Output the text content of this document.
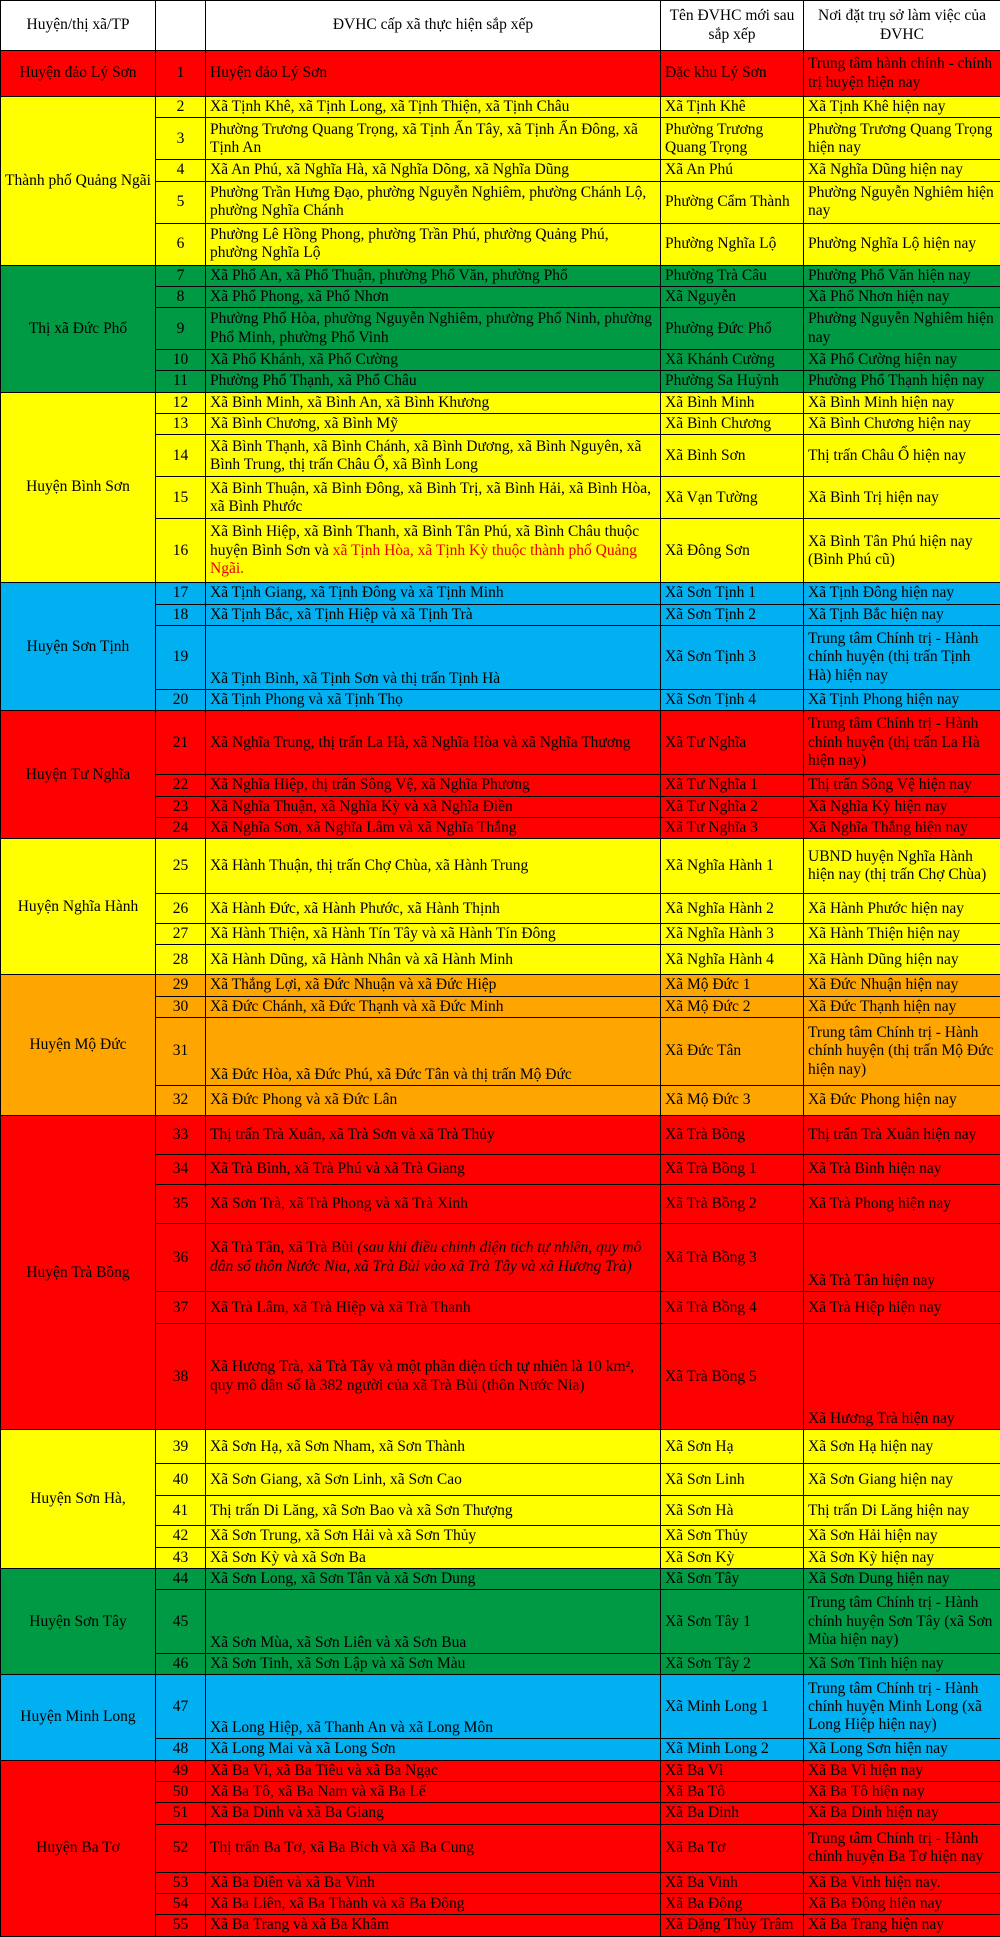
Huyện/thị xã/TP		ĐVHC cấp xã thực hiện sắp xếp	Tên ĐVHC mới sau sắp xếp	Nơi đặt trụ sở làm việc của ĐVHC
Huyện đảo Lý Sơn	1	Huyện đảo Lý Sơn	Đặc khu Lý Sơn	Trung tâm hành chính - chính trị huyện hiện nay
Thành phố Quảng Ngãi	2	Xã Tịnh Khê, xã Tịnh Long, xã Tịnh Thiện, xã Tịnh Châu	Xã Tịnh Khê	Xã Tịnh Khê hiện nay
	3	Phường Trương Quang Trọng, xã Tịnh Ấn Tây, xã Tịnh Ấn Đông, xã Tịnh An	Phường Trương Quang Trọng	Phường Trương Quang Trọng hiện nay
	4	Xã An Phú, xã Nghĩa Hà, xã Nghĩa Dõng, xã Nghĩa Dũng	Xã An Phú	Xã Nghĩa Dũng hiện nay
	5	Phường Trần Hưng Đạo, phường Nguyễn Nghiêm, phường Chánh Lộ, phường Nghĩa Chánh	Phường Cẩm Thành	Phường Nguyễn Nghiêm hiện nay
	6	Phường Lê Hồng Phong, phường Trần Phú, phường Quảng Phú, phường Nghĩa Lộ	Phường Nghĩa Lộ	Phường Nghĩa Lộ hiện nay
Thị xã Đức Phổ	7	Xã Phổ An, xã Phổ Thuận, phường Phổ Văn, phường Phổ	Phường Trà Câu	Phường Phổ Văn hiện nay
	8	Xã Phổ Phong, xã Phổ Nhơn	Xã Nguyễn	Xã Phổ Nhơn hiện nay
	9	Phường Phổ Hòa, phường Nguyễn Nghiêm, phường Phổ Ninh, phường Phổ Minh, phường Phổ Vinh	Phường Đức Phổ	Phường Nguyễn Nghiêm hiện nay
	10	Xã Phổ Khánh, xã Phổ Cường	Xã Khánh Cường	Xã Phổ Cường hiện nay
	11	Phường Phổ Thạnh, xã Phổ Châu	Phường Sa Huỳnh	Phường Phổ Thạnh hiện nay
Huyện Bình Sơn	12	Xã Bình Minh, xã Bình An, xã Bình Khương	Xã Bình Minh	Xã Bình Minh hiện nay
	13	Xã Bình Chương, xã Bình Mỹ	Xã Bình Chương	Xã Bình Chương hiện nay
	14	Xã Bình Thạnh, xã Bình Chánh, xã Bình Dương, xã Bình Nguyên, xã Bình Trung, thị trấn Châu Ổ, xã Bình Long	Xã Bình Sơn	Thị trấn Châu Ổ hiện nay
	15	Xã Bình Thuận, xã Bình Đông, xã Bình Trị, xã Bình Hải, xã Bình Hòa, xã Bình Phước	Xã Vạn Tường	Xã Bình Trị hiện nay
	16	Xã Bình Hiệp, xã Bình Thanh, xã Bình Tân Phú, xã Bình Châu thuộc huyện Bình Sơn và xã Tịnh Hòa, xã Tịnh Kỳ thuộc thành phố Quảng Ngãi.	Xã Đông Sơn	Xã Bình Tân Phú hiện nay (Bình Phú cũ)
Huyện Sơn Tịnh	17	Xã Tịnh Giang, xã Tịnh Đông và xã Tịnh Minh	Xã Sơn Tịnh 1	Xã Tịnh Đông hiện nay
	18	Xã Tịnh Bắc, xã Tịnh Hiệp và xã Tịnh Trà	Xã Sơn Tịnh 2	Xã Tịnh Bắc hiện nay
	19	Xã Tịnh Bình, xã Tịnh Sơn và thị trấn Tịnh Hà	Xã Sơn Tịnh 3	Trung tâm Chính trị - Hành chính huyện (thị trấn Tịnh Hà) hiện nay
	20	Xã Tịnh Phong và xã Tịnh Thọ	Xã Sơn Tịnh 4	Xã Tịnh Phong hiện nay
Huyện Tư Nghĩa	21	Xã Nghĩa Trung, thị trấn La Hà, xã Nghĩa Hòa và xã Nghĩa Thương	Xã Tư Nghĩa	Trung tâm Chính trị - Hành chính huyện (thị trấn La Hà hiện nay)
	22	Xã Nghĩa Hiệp, thị trấn Sông Vệ, xã Nghĩa Phương	Xã Tư Nghĩa 1	Thị trấn Sông Vệ hiện nay
	23	Xã Nghĩa Thuận, xã Nghĩa Kỳ và xã Nghĩa Điền	Xã Tư Nghĩa 2	Xã Nghĩa Kỳ hiện nay
	24	Xã Nghĩa Sơn, xã Nghĩa Lâm và xã Nghĩa Thắng	Xã Tư Nghĩa 3	Xã Nghĩa Thắng hiện nay
Huyện Nghĩa Hành	25	Xã Hành Thuận, thị trấn Chợ Chùa, xã Hành Trung	Xã Nghĩa Hành 1	UBND huyện Nghĩa Hành hiện nay (thị trấn Chợ Chùa)
	26	Xã Hành Đức, xã Hành Phước, xã Hành Thịnh	Xã Nghĩa Hành 2	Xã Hành Phước hiện nay
	27	Xã Hành Thiện, xã Hành Tín Tây và xã Hành Tín Đông	Xã Nghĩa Hành 3	Xã Hành Thiện hiện nay
	28	Xã Hành Dũng, xã Hành Nhân và xã Hành Minh	Xã Nghĩa Hành 4	Xã Hành Dũng hiện nay
Huyện Mộ Đức	29	Xã Thắng Lợi, xã Đức Nhuận và xã Đức Hiệp	Xã Mộ Đức 1	Xã Đức Nhuận hiện nay
	30	Xã Đức Chánh, xã Đức Thạnh và xã Đức Minh	Xã Mộ Đức 2	Xã Đức Thạnh hiện nay
	31	Xã Đức Hòa, xã Đức Phú, xã Đức Tân và thị trấn Mộ Đức	Xã Đức Tân	Trung tâm Chính trị - Hành chính huyện (thị trấn Mộ Đức hiện nay)
	32	Xã Đức Phong và xã Đức Lân	Xã Mộ Đức 3	Xã Đức Phong hiện nay
Huyện Trà Bồng	33	Thị trấn Trà Xuân, xã Trà Sơn và xã Trà Thủy	Xã Trà Bồng	Thị trấn Trà Xuân hiện nay
	34	Xã Trà Bình, xã Trà Phú và xã Trà Giang	Xã Trà Bồng 1	Xã Trà Bình hiện nay
	35	Xã Sơn Trà, xã Trà Phong và xã Trà Xinh	Xã Trà Bồng 2	Xã Trà Phong hiện nay
	36	Xã Trà Tân, xã Trà Bùi (sau khi điều chỉnh diện tích tự nhiên, quy mô dân số thôn Nước Nia, xã Trà Bùi vào xã Trà Tây và xã Hương Trà)	Xã Trà Bồng 3	Xã Trà Tân hiện nay
	37	Xã Trà Lâm, xã Trà Hiệp và xã Trà Thanh	Xã Trà Bồng 4	Xã Trà Hiệp hiện nay
	38	Xã Hương Trà, xã Trà Tây và một phần diện tích tự nhiên là 10 km², quy mô dân số là 382 người của xã Trà Bùi (thôn Nước Nia)	Xã Trà Bồng 5	Xã Hương Trà hiện nay
Huyện Sơn Hà,	39	Xã Sơn Hạ, xã Sơn Nham, xã Sơn Thành	Xã Sơn Hạ	Xã Sơn Hạ hiện nay
	40	Xã Sơn Giang, xã Sơn Linh, xã Sơn Cao	Xã Sơn Linh	Xã Sơn Giang hiện nay
	41	Thị trấn Di Lăng, xã Sơn Bao và xã Sơn Thượng	Xã Sơn Hà	Thị trấn Di Lăng hiện nay
	42	Xã Sơn Trung, xã Sơn Hải và xã Sơn Thủy	Xã Sơn Thủy	Xã Sơn Hải hiện nay
	43	Xã Sơn Kỳ và xã Sơn Ba	Xã Sơn Kỳ	Xã Sơn Kỳ hiện nay
Huyện Sơn Tây	44	Xã Sơn Long, xã Sơn Tân và xã Sơn Dung	Xã Sơn Tây	Xã Sơn Dung hiện nay
	45	Xã Sơn Mùa, xã Sơn Liên và xã Sơn Bua	Xã Sơn Tây 1	Trung tâm Chính trị - Hành chính huyện Sơn Tây (xã Sơn Mùa hiện nay)
	46	Xã Sơn Tinh, xã Sơn Lập và xã Sơn Màu	Xã Sơn Tây 2	Xã Sơn Tinh hiện nay
Huyện Minh Long	47	Xã Long Hiệp, xã Thanh An và xã Long Môn	Xã Minh Long 1	Trung tâm Chính trị - Hành chính huyện Minh Long (xã Long Hiệp hiện nay)
	48	Xã Long Mai và xã Long Sơn	Xã Minh Long 2	Xã Long Sơn hiện nay
Huyện Ba Tơ	49	Xã Ba Vì, xã Ba Tiêu và xã Ba Ngạc	Xã Ba Vì	Xã Ba Vì hiện nay
	50	Xã Ba Tô, xã Ba Nam và xã Ba Lế	Xã Ba Tô	Xã Ba Tô hiện nay
	51	Xã Ba Dinh và xã Ba Giang	Xã Ba Dinh	Xã Ba Dinh hiện nay
	52	Thị trấn Ba Tơ, xã Ba Bích và xã Ba Cung	Xã Ba Tơ	Trung tâm Chính trị - Hành chính huyện Ba Tơ hiện nay
	53	Xã Ba Điền và xã Ba Vinh	Xã Ba Vinh	Xã Ba Vinh hiện nay.
	54	Xã Ba Liên, xã Ba Thành và xã Ba Động	Xã Ba Động	Xã Ba Động hiện nay
	55	Xã Ba Trang và xã Ba Khâm	Xã Đặng Thùy Trâm	Xã Ba Trang hiện nay
